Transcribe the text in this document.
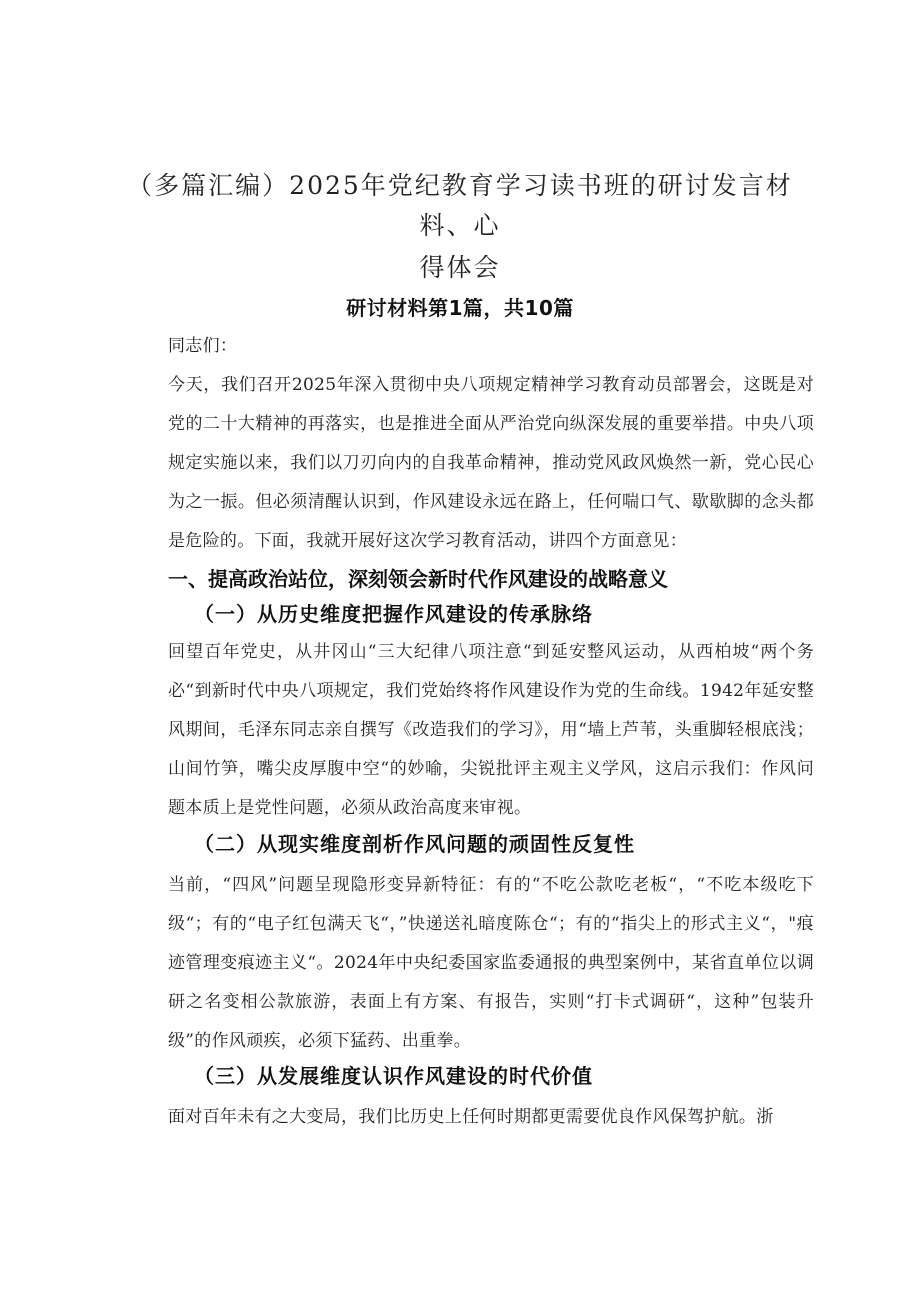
（多篇汇编）2025年党纪教育学习读书班的研讨发言材料、心
得体会
研讨材料第1篇，共10篇
同志们：
今天，我们召开2025年深入贯彻中央八项规定精神学习教育动员部署会，这既是对党的二十大精神的再落实，也是推进全面从严治党向纵深发展的重要举措。中央八项规定实施以来，我们以刀刃向内的自我革命精神，推动党风政风焕然一新，党心民心为之一振。但必须清醒认识到，作风建设永远在路上，任何喘口气、歇歇脚的念头都是危险的。下面，我就开展好这次学习教育活动，讲四个方面意见：
一、提高政治站位，深刻领会新时代作风建设的战略意义
（一）从历史维度把握作风建设的传承脉络
回望百年党史，从井冈山“三大纪律八项注意“到延安整风运动，从西柏坡“两个务必“到新时代中央八项规定，我们党始终将作风建设作为党的生命线。1942年延安整风期间，毛泽东同志亲自撰写《改造我们的学习》，用“墙上芦苇，头重脚轻根底浅；山间竹笋，嘴尖皮厚腹中空“的妙喻，尖锐批评主观主义学风，这启示我们：作风问题本质上是党性问题，必须从政治高度来审视。
（二）从现实维度剖析作风问题的顽固性反复性
当前，“四风”问题呈现隐形变异新特征：有的“不吃公款吃老板“，“不吃本级吃下级“；有的“电子红包满天飞“，”快递送礼暗度陈仓“；有的“指尖上的形式主义“，"痕迹管理变痕迹主义“。2024年中央纪委国家监委通报的典型案例中，某省直单位以调研之名变相公款旅游，表面上有方案、有报告，实则“打卡式调研“，这种”包装升级”的作风顽疾，必须下猛药、出重拳。
（三）从发展维度认识作风建设的时代价值
面对百年未有之大变局，我们比历史上任何时期都更需要优良作风保驾护航。浙
